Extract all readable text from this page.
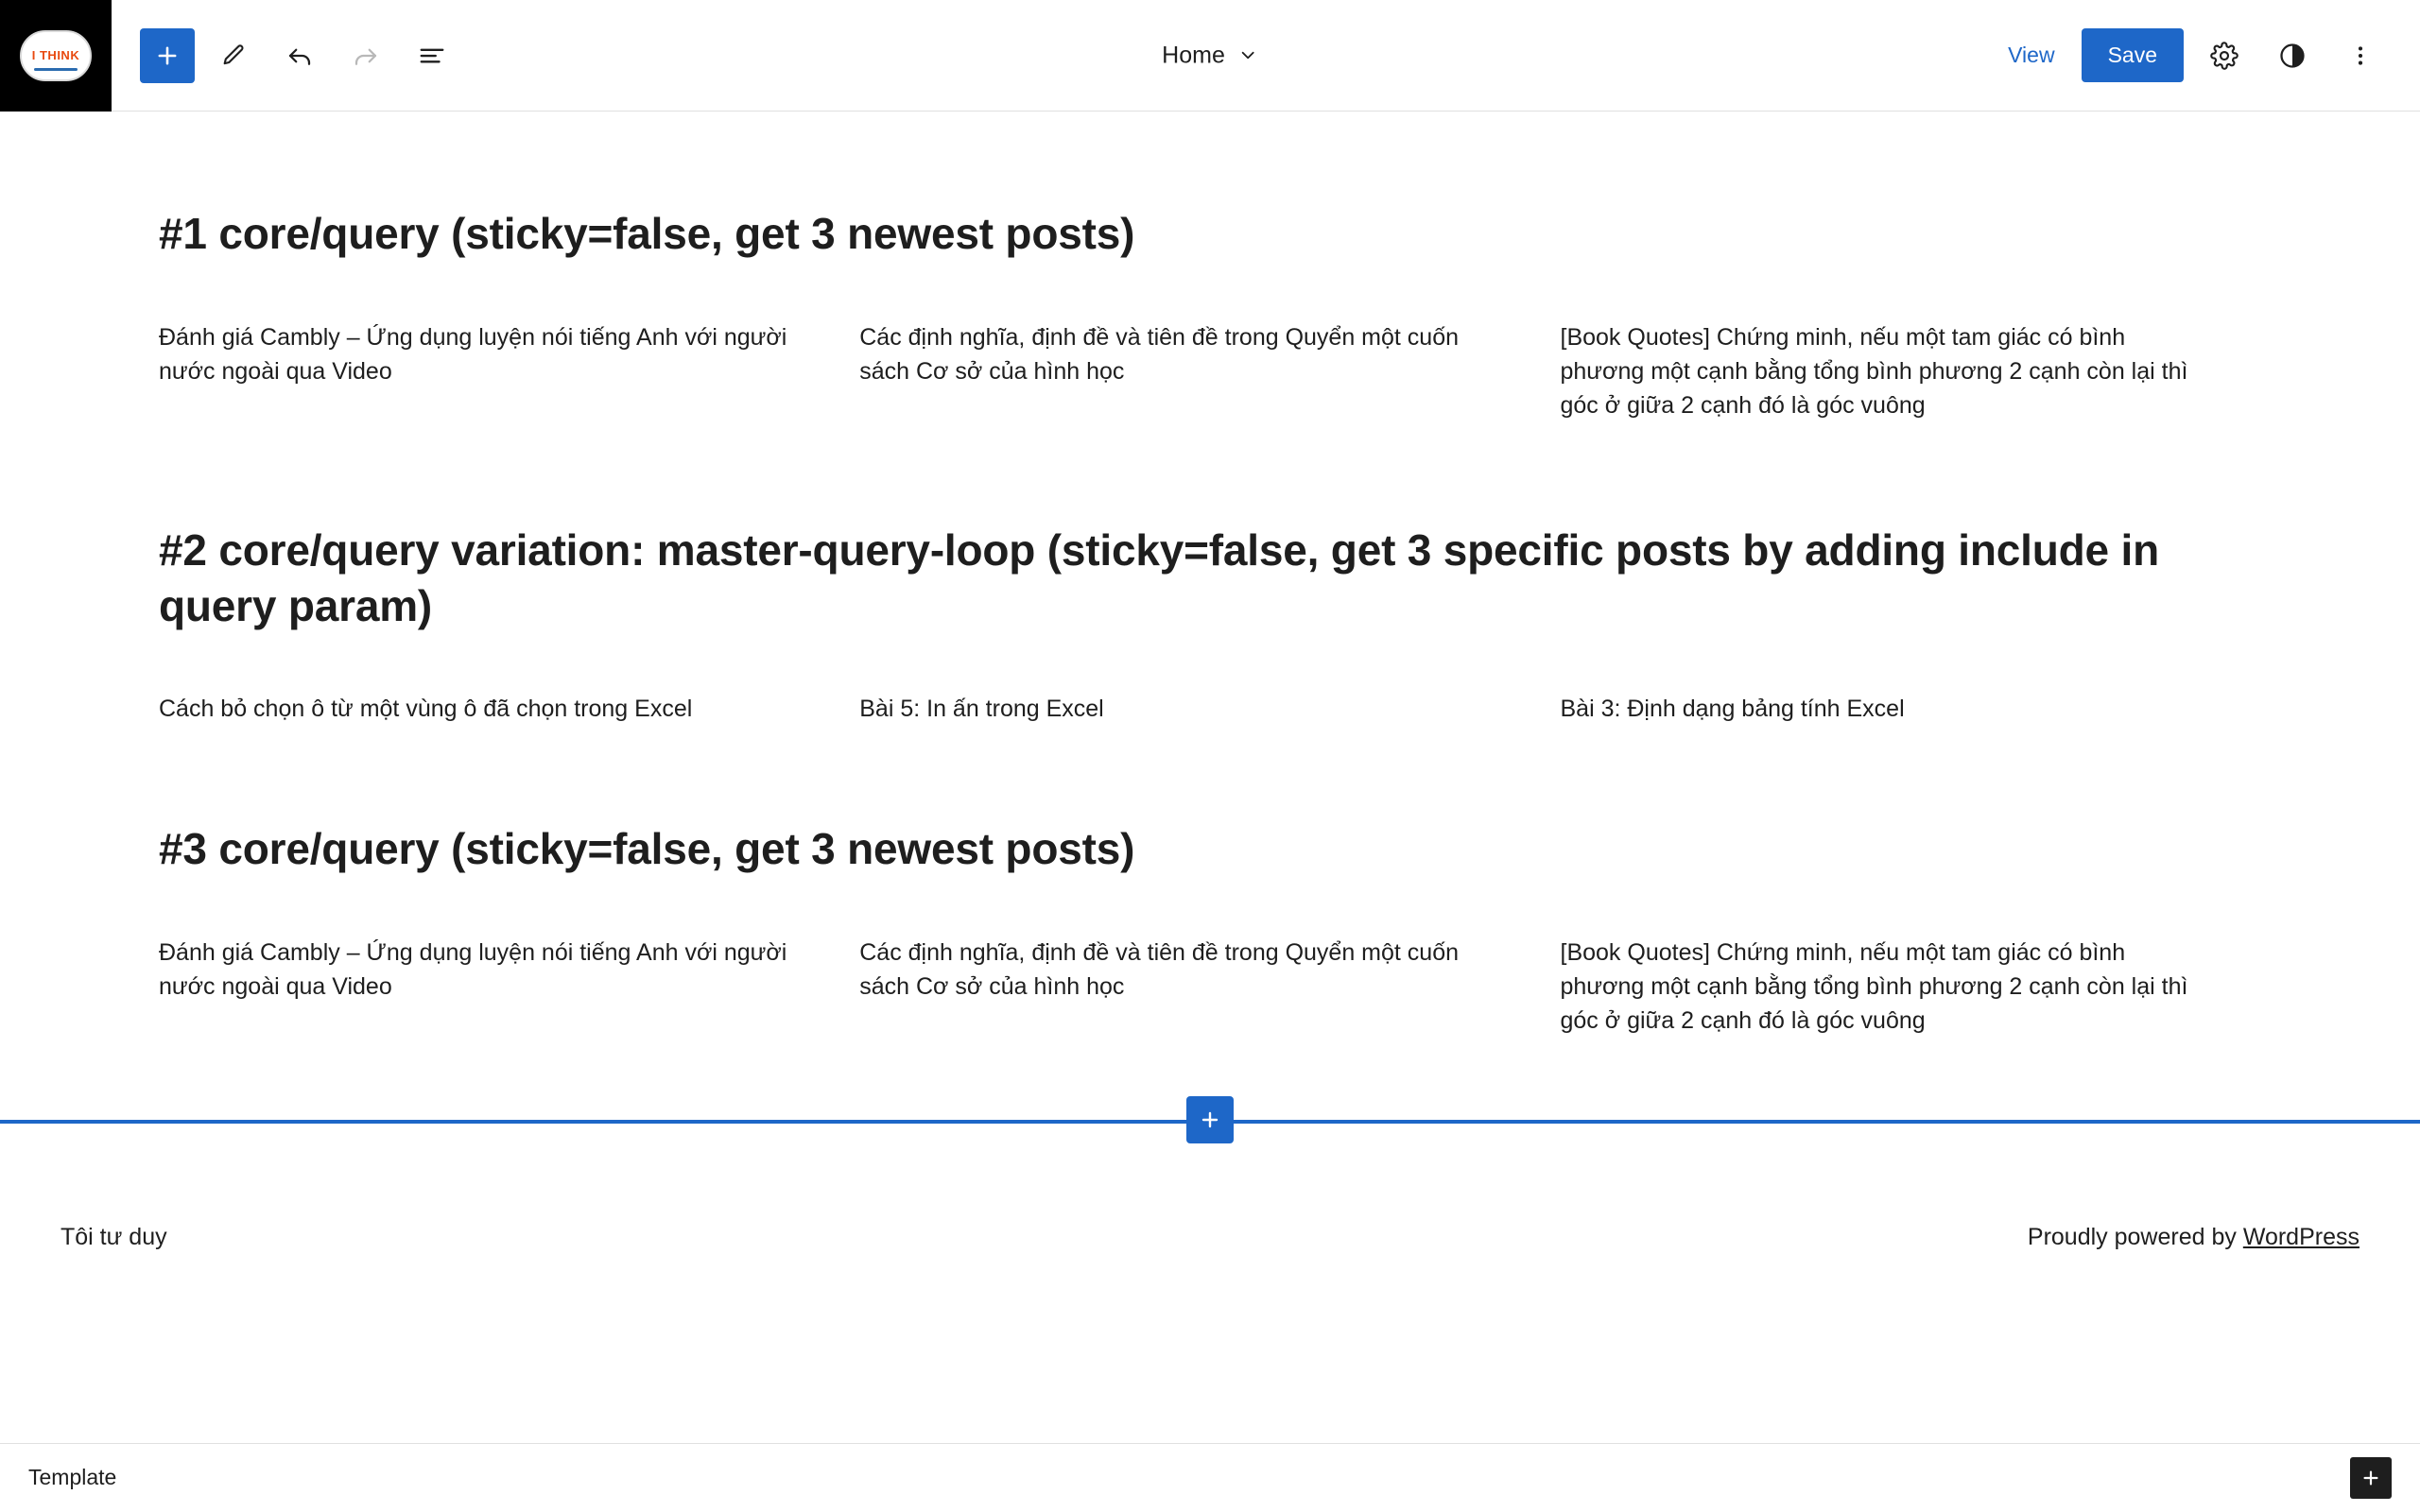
I THINK	Home	View	Save
#1 core/query (sticky=false, get 3 newest posts)

Đánh giá Cambly – Ứng dụng luyện nói tiếng Anh với người nước ngoài qua Video

Các định nghĩa, định đề và tiên đề trong Quyển một cuốn sách Cơ sở của hình học

[Book Quotes] Chứng minh, nếu một tam giác có bình phương một cạnh bằng tổng bình phương 2 cạnh còn lại thì góc ở giữa 2 cạnh đó là góc vuông

#2 core/query variation: master-query-loop (sticky=false, get 3 specific posts by adding include in query param)

Cách bỏ chọn ô từ một vùng ô đã chọn trong Excel	Bài 5: In ấn trong Excel	Bài 3: Định dạng bảng tính Excel

#3 core/query (sticky=false, get 3 newest posts)

Đánh giá Cambly – Ứng dụng luyện nói tiếng Anh với người nước ngoài qua Video

Các định nghĩa, định đề và tiên đề trong Quyển một cuốn sách Cơ sở của hình học

[Book Quotes] Chứng minh, nếu một tam giác có bình phương một cạnh bằng tổng bình phương 2 cạnh còn lại thì góc ở giữa 2 cạnh đó là góc vuông

Tôi tư duy	Proudly powered by WordPress
Template
